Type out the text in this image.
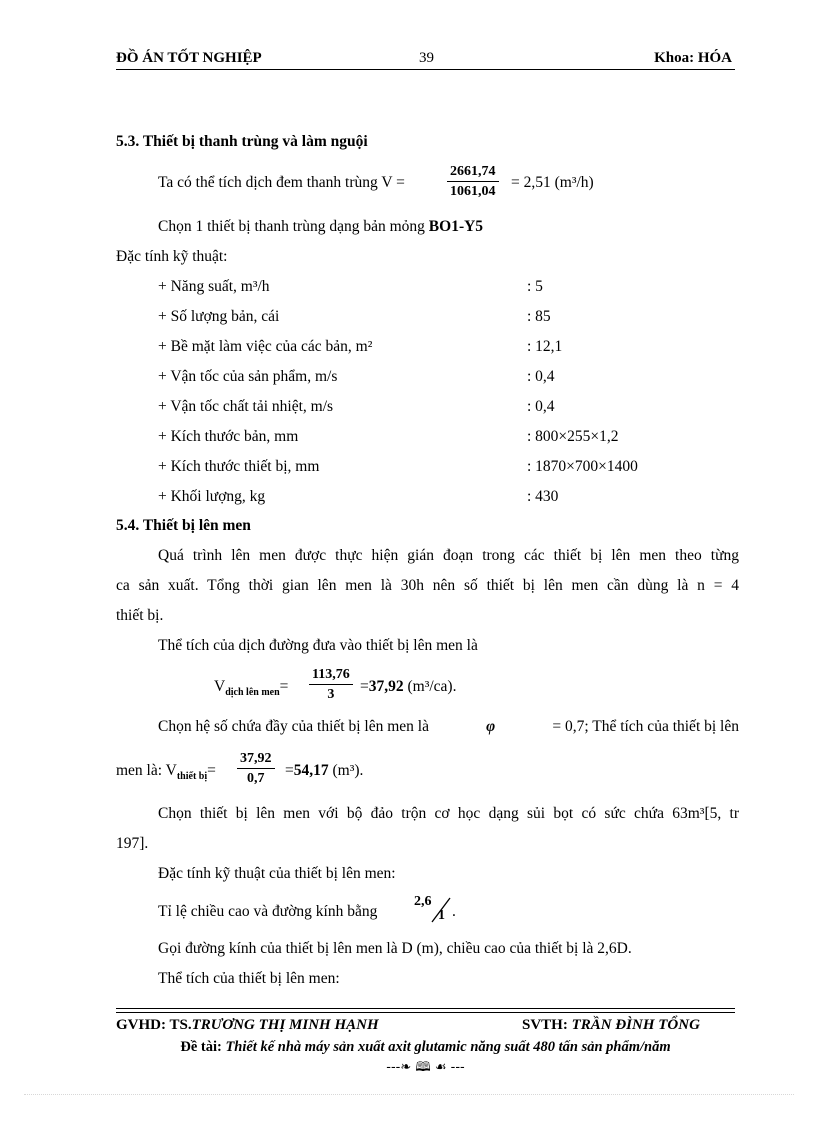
ĐỒ ÁN TỐT NGHIỆP	39	Khoa: HÓA
5.3. Thiết bị thanh trùng và làm nguội
Ta có thể tích dịch đem thanh trùng V =	$\frac{2661,74}{1061,04} = 2,51$ (m³/h)
Chọn 1 thiết bị thanh trùng dạng bản mỏng BO1-Y5
Đặc tính kỹ thuật:
+ Năng suất, m³/h	: 5
+ Số lượng bản, cái	: 85
+ Bề mặt làm việc của các bản, m²	: 12,1
+ Vận tốc của sản phẩm, m/s	: 0,4
+ Vận tốc chất tải nhiệt, m/s	: 0,4
+ Kích thước bản, mm	: 800×255×1,2
+ Kích thước thiết bị, mm	: 1870×700×1400
+ Khối lượng, kg	: 430
5.4. Thiết bị lên men
Quá trình lên men được thực hiện gián đoạn trong các thiết bị lên men theo từng
ca sản xuất. Tổng thời gian lên men là 30h nên số thiết bị lên men cần dùng là n = 4
thiết bị.
Thể tích của dịch đường đưa vào thiết bị lên men là
$V_{dịch lên men}= \frac{113,76}{3} =37,92$ (m³/ca).
Chọn hệ số chứa đầy của thiết bị lên men là	φ	= 0,7; Thể tích của thiết bị lên
men là: $V_{thiết bị}= \frac{37,92}{0,7} =54,17$ (m³).
Chọn thiết bị lên men với bộ đảo trộn cơ học dạng sủi bọt có sức chứa 63m³[5, tr
197].
Đặc tính kỹ thuật của thiết bị lên men:
Tỉ lệ chiều cao và đường kính bằng
2,6
1 .
Gọi đường kính của thiết bị lên men là D (m), chiều cao của thiết bị là 2,6D.
Thể tích của thiết bị lên men:
GVHD: TS.TRƯƠNG THỊ MINH HẠNH	SVTH: TRẦN ĐÌNH TỔNG
Đề tài: Thiết kế nhà máy sản xuất axit glutamic năng suất 480 tấn sản phẩm/năm
---❧ 🕮 ☙ ---
